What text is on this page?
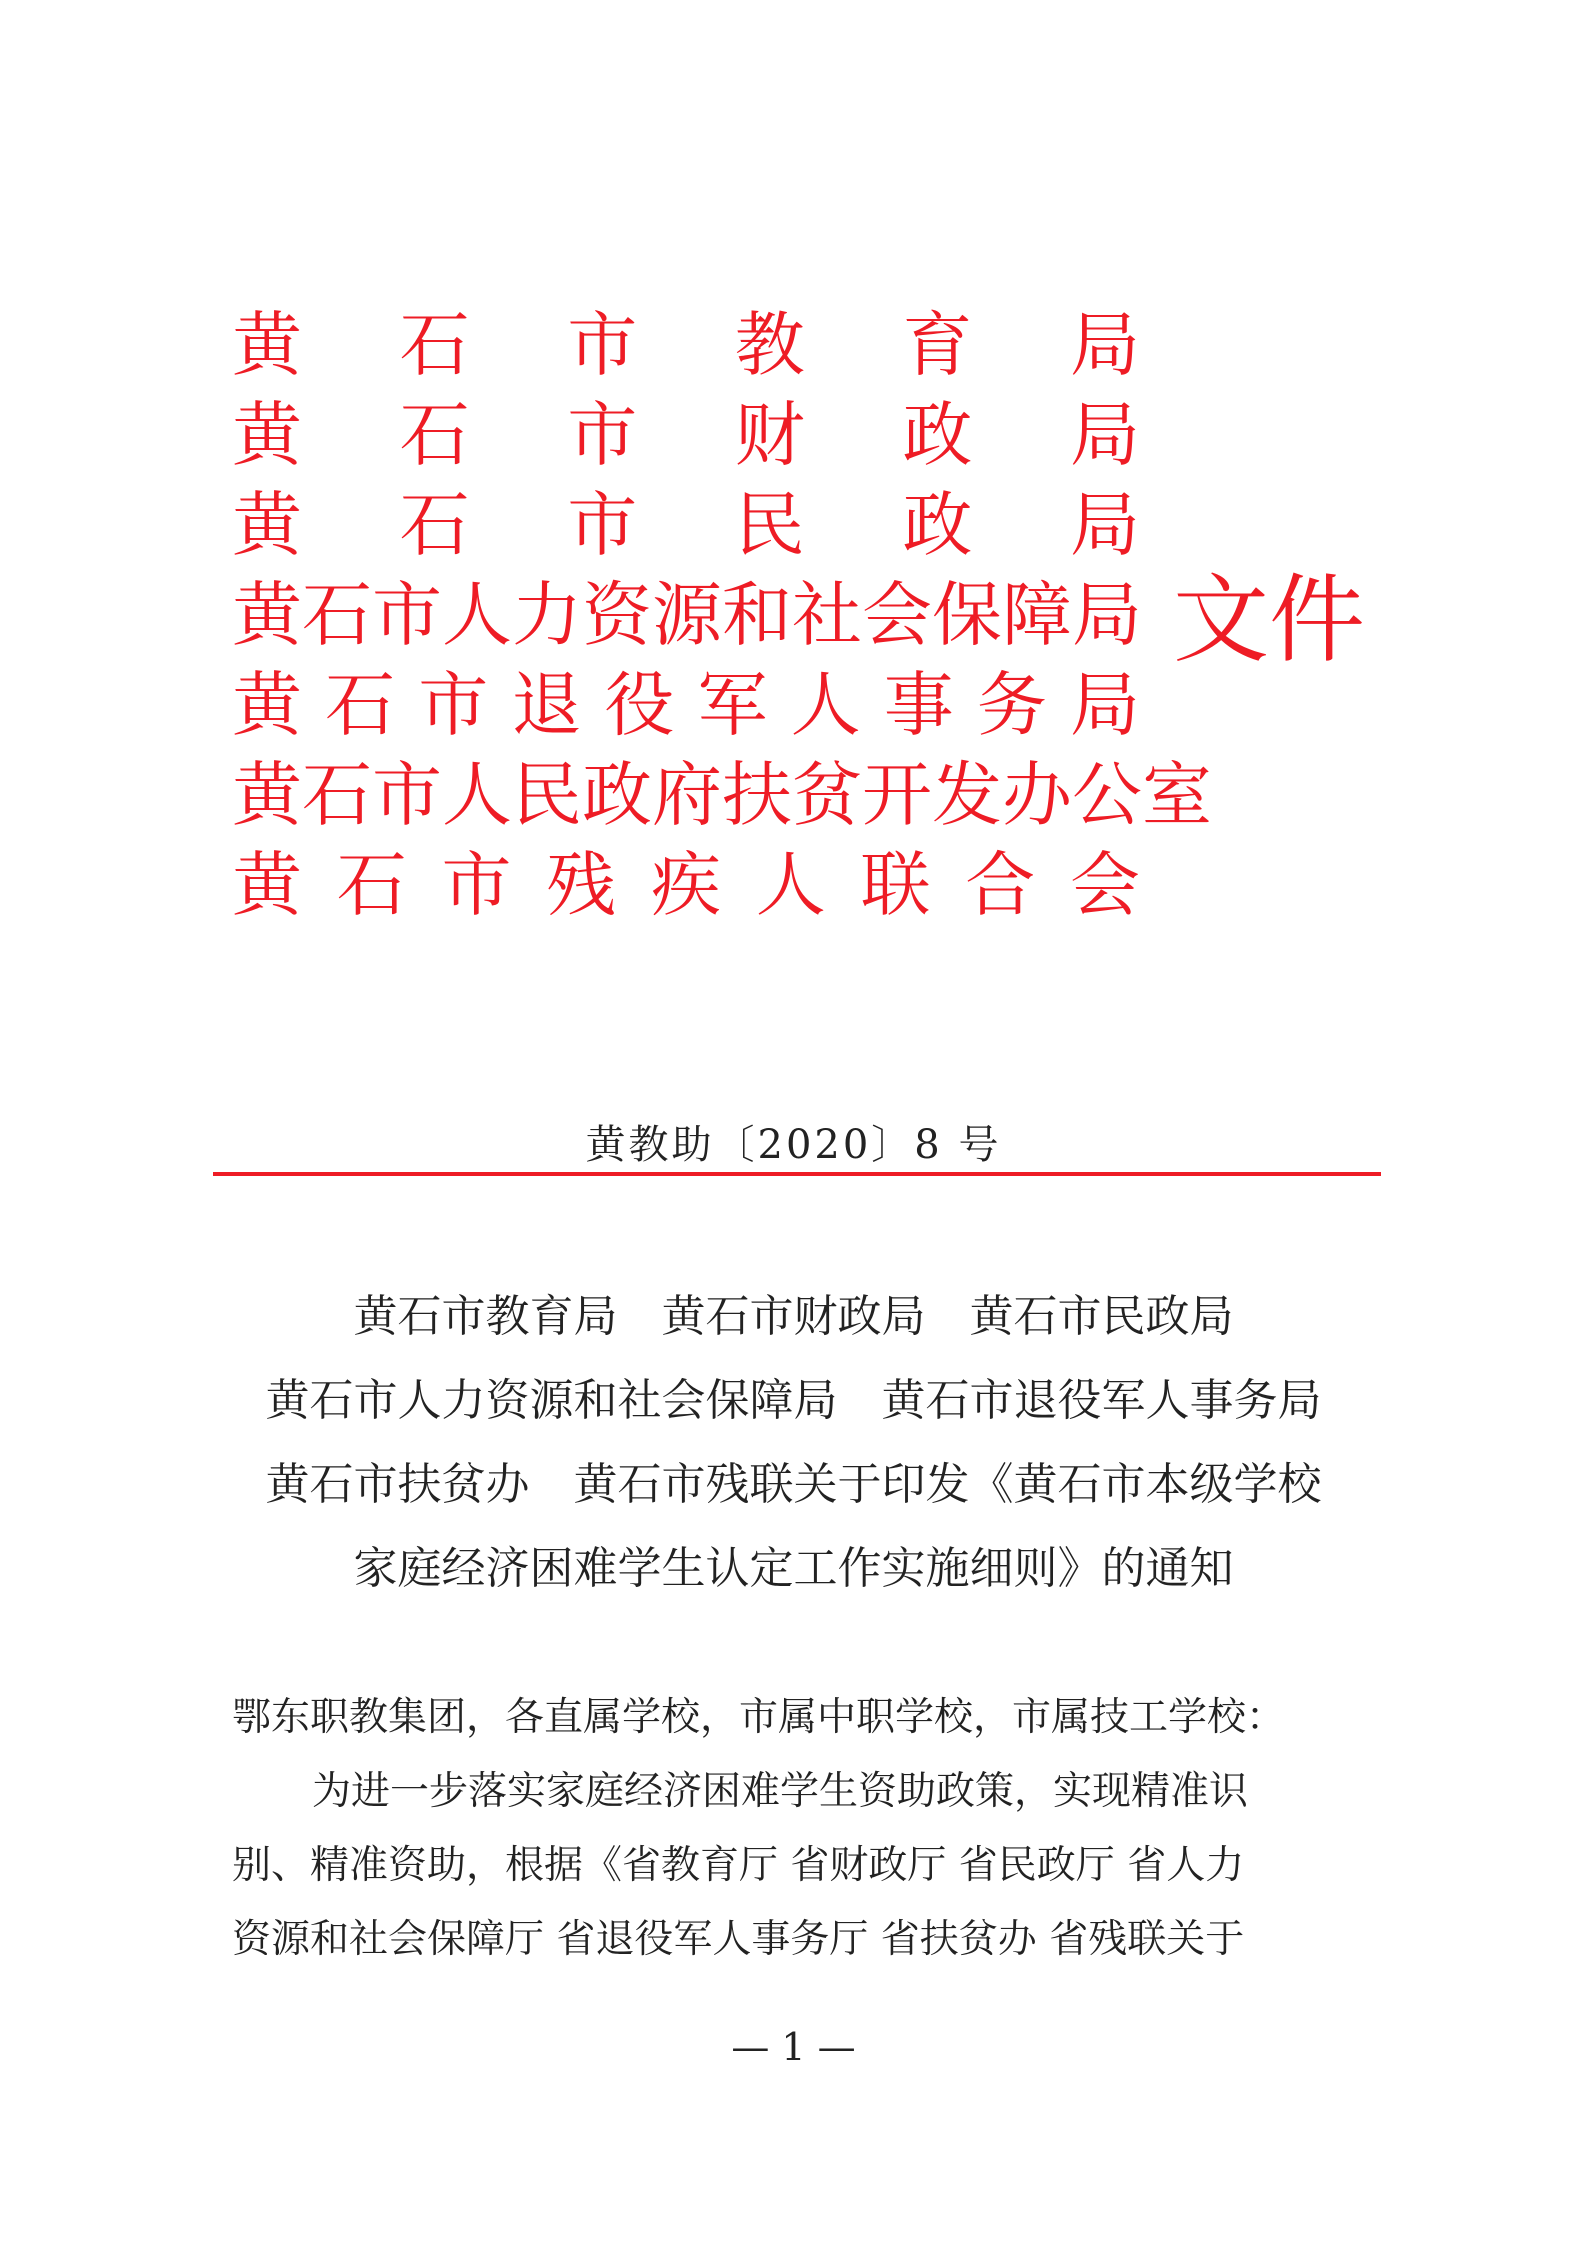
黄 石 市 教 育 局
黄 石 市 财 政 局
黄 石 市 民 政 局
黄石市人力资源和社会保障局
黄 石 市 退 役 军 人 事 务 局
黄石市人民政府扶贫开发办公室
黄 石 市 残 疾 人 联 合 会
文件
黄教助〔2020〕8 号
黄石市教育局　黄石市财政局　黄石市民政局
黄石市人力资源和社会保障局　黄石市退役军人事务局
黄石市扶贫办　黄石市残联关于印发《黄石市本级学校
家庭经济困难学生认定工作实施细则》的通知
鄂东职教集团，各直属学校，市属中职学校，市属技工学校：
为进一步落实家庭经济困难学生资助政策，实现精准识
别、精准资助，根据《省教育厅 省财政厅 省民政厅 省人力
资源和社会保障厅 省退役军人事务厅 省扶贫办 省残联关于
— 1 —
